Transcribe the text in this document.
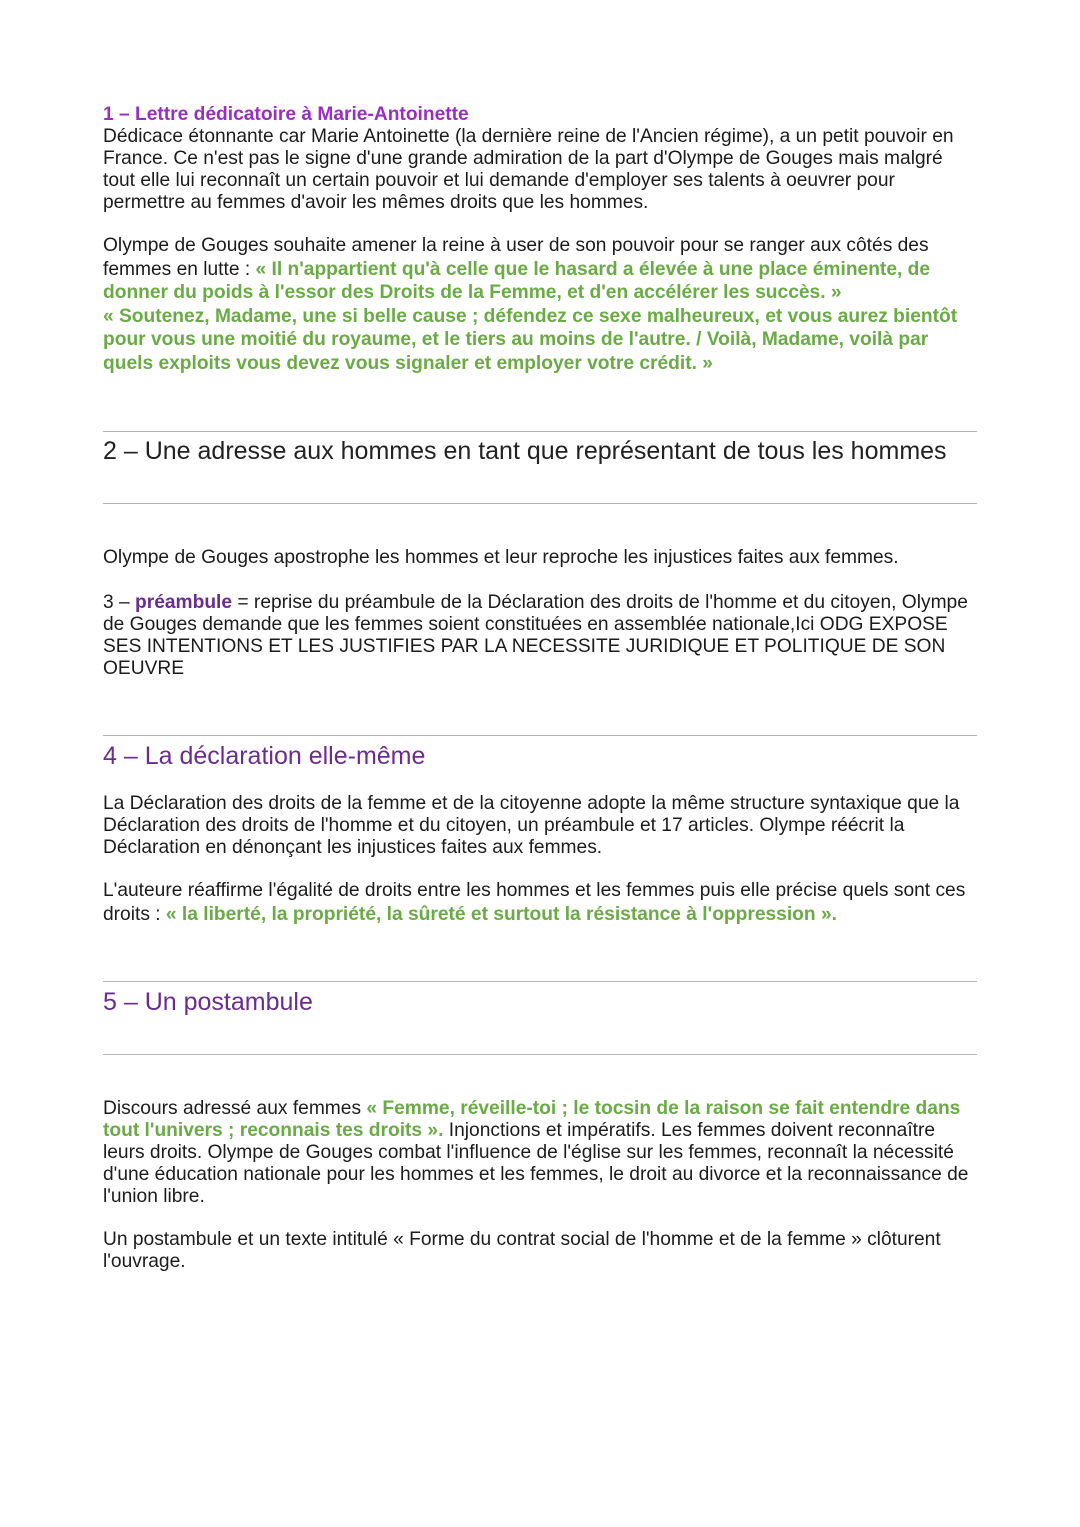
1 – Lettre dédicatoire à Marie-Antoinette

Dédicace étonnante car Marie Antoinette (la dernière reine de l'Ancien régime), a un petit pouvoir en France. Ce n'est pas le signe d'une grande admiration de la part d'Olympe de Gouges mais malgré tout elle lui reconnaît un certain pouvoir et lui demande d'employer ses talents à oeuvrer pour permettre au femmes d'avoir les mêmes droits que les hommes.

Olympe de Gouges souhaite amener la reine à user de son pouvoir pour se ranger aux côtés des femmes en lutte : « Il n'appartient qu'à celle que le hasard a élevée à une place éminente, de donner du poids à l'essor des Droits de la Femme, et d'en accélérer les succès. »
« Soutenez, Madame, une si belle cause ; défendez ce sexe malheureux, et vous aurez bientôt pour vous une moitié du royaume, et le tiers au moins de l'autre. / Voilà, Madame, voilà par quels exploits vous devez vous signaler et employer votre crédit. »

2 – Une adresse aux hommes en tant que représentant de tous les hommes

Olympe de Gouges apostrophe les hommes et leur reproche les injustices faites aux femmes.

3 – préambule = reprise du préambule de la Déclaration des droits de l'homme et du citoyen, Olympe de Gouges demande que les femmes soient constituées en assemblée nationale,Ici ODG EXPOSE SES INTENTIONS ET LES JUSTIFIES PAR LA NECESSITE JURIDIQUE ET POLITIQUE DE SON OEUVRE

4 – La déclaration elle-même

La Déclaration des droits de la femme et de la citoyenne adopte la même structure syntaxique que la Déclaration des droits de l'homme et du citoyen, un préambule et 17 articles. Olympe réécrit la Déclaration en dénonçant les injustices faites aux femmes.

L'auteure réaffirme l'égalité de droits entre les hommes et les femmes puis elle précise quels sont ces droits : « la liberté, la propriété, la sûreté et surtout la résistance à l'oppression ».

5 – Un postambule

Discours adressé aux femmes « Femme, réveille-toi ; le tocsin de la raison se fait entendre dans tout l'univers ; reconnais tes droits ». Injonctions et impératifs. Les femmes doivent reconnaître leurs droits. Olympe de Gouges combat l'influence de l'église sur les femmes, reconnaît la nécessité d'une éducation nationale pour les hommes et les femmes, le droit au divorce et la reconnaissance de l'union libre.

Un postambule et un texte intitulé « Forme du contrat social de l'homme et de la femme » clôturent l'ouvrage.
